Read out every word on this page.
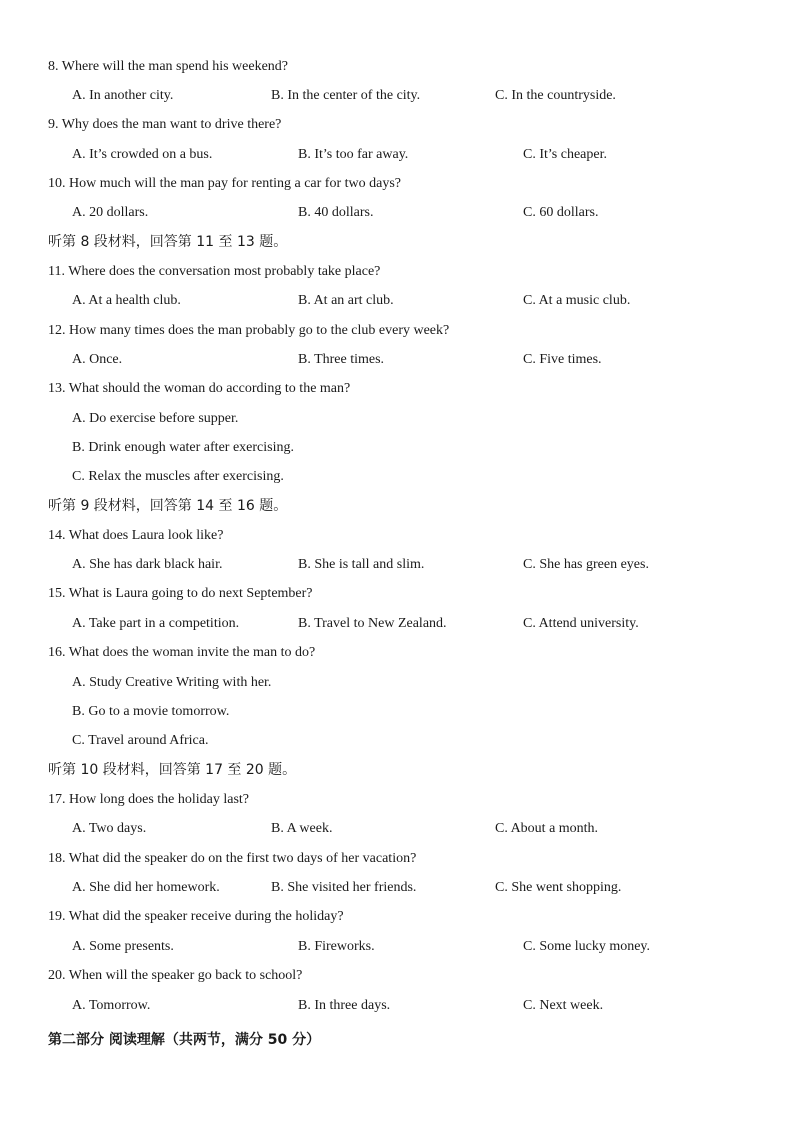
8. Where will the man spend his weekend?
A. In another city.	B. In the center of the city.	C. In the countryside.
9. Why does the man want to drive there?
A. It’s crowded on a bus.	B. It’s too far away.	C. It’s cheaper.
10. How much will the man pay for renting a car for two days?
A. 20 dollars.	B. 40 dollars.	C. 60 dollars.
听第 8 段材料，回答第 11 至 13 题。
11. Where does the conversation most probably take place?
A. At a health club.	B. At an art club.	C. At a music club.
12. How many times does the man probably go to the club every week?
A. Once.	B. Three times.	C. Five times.
13. What should the woman do according to the man?
A. Do exercise before supper.
B. Drink enough water after exercising.
C. Relax the muscles after exercising.
听第 9 段材料，回答第 14 至 16 题。
14. What does Laura look like?
A. She has dark black hair.	B. She is tall and slim.	C. She has green eyes.
15. What is Laura going to do next September?
A. Take part in a competition.	B. Travel to New Zealand.	C. Attend university.
16. What does the woman invite the man to do?
A. Study Creative Writing with her.
B. Go to a movie tomorrow.
C. Travel around Africa.
听第 10 段材料，回答第 17 至 20 题。
17. How long does the holiday last?
A. Two days.	B. A week.	C. About a month.
18. What did the speaker do on the first two days of her vacation?
A. She did her homework.	B. She visited her friends.	C. She went shopping.
19. What did the speaker receive during the holiday?
A. Some presents.	B. Fireworks.	C. Some lucky money.
20. When will the speaker go back to school?
A. Tomorrow.	B. In three days.	C. Next week.
第二部分 阅读理解（共两节，满分 50 分）
